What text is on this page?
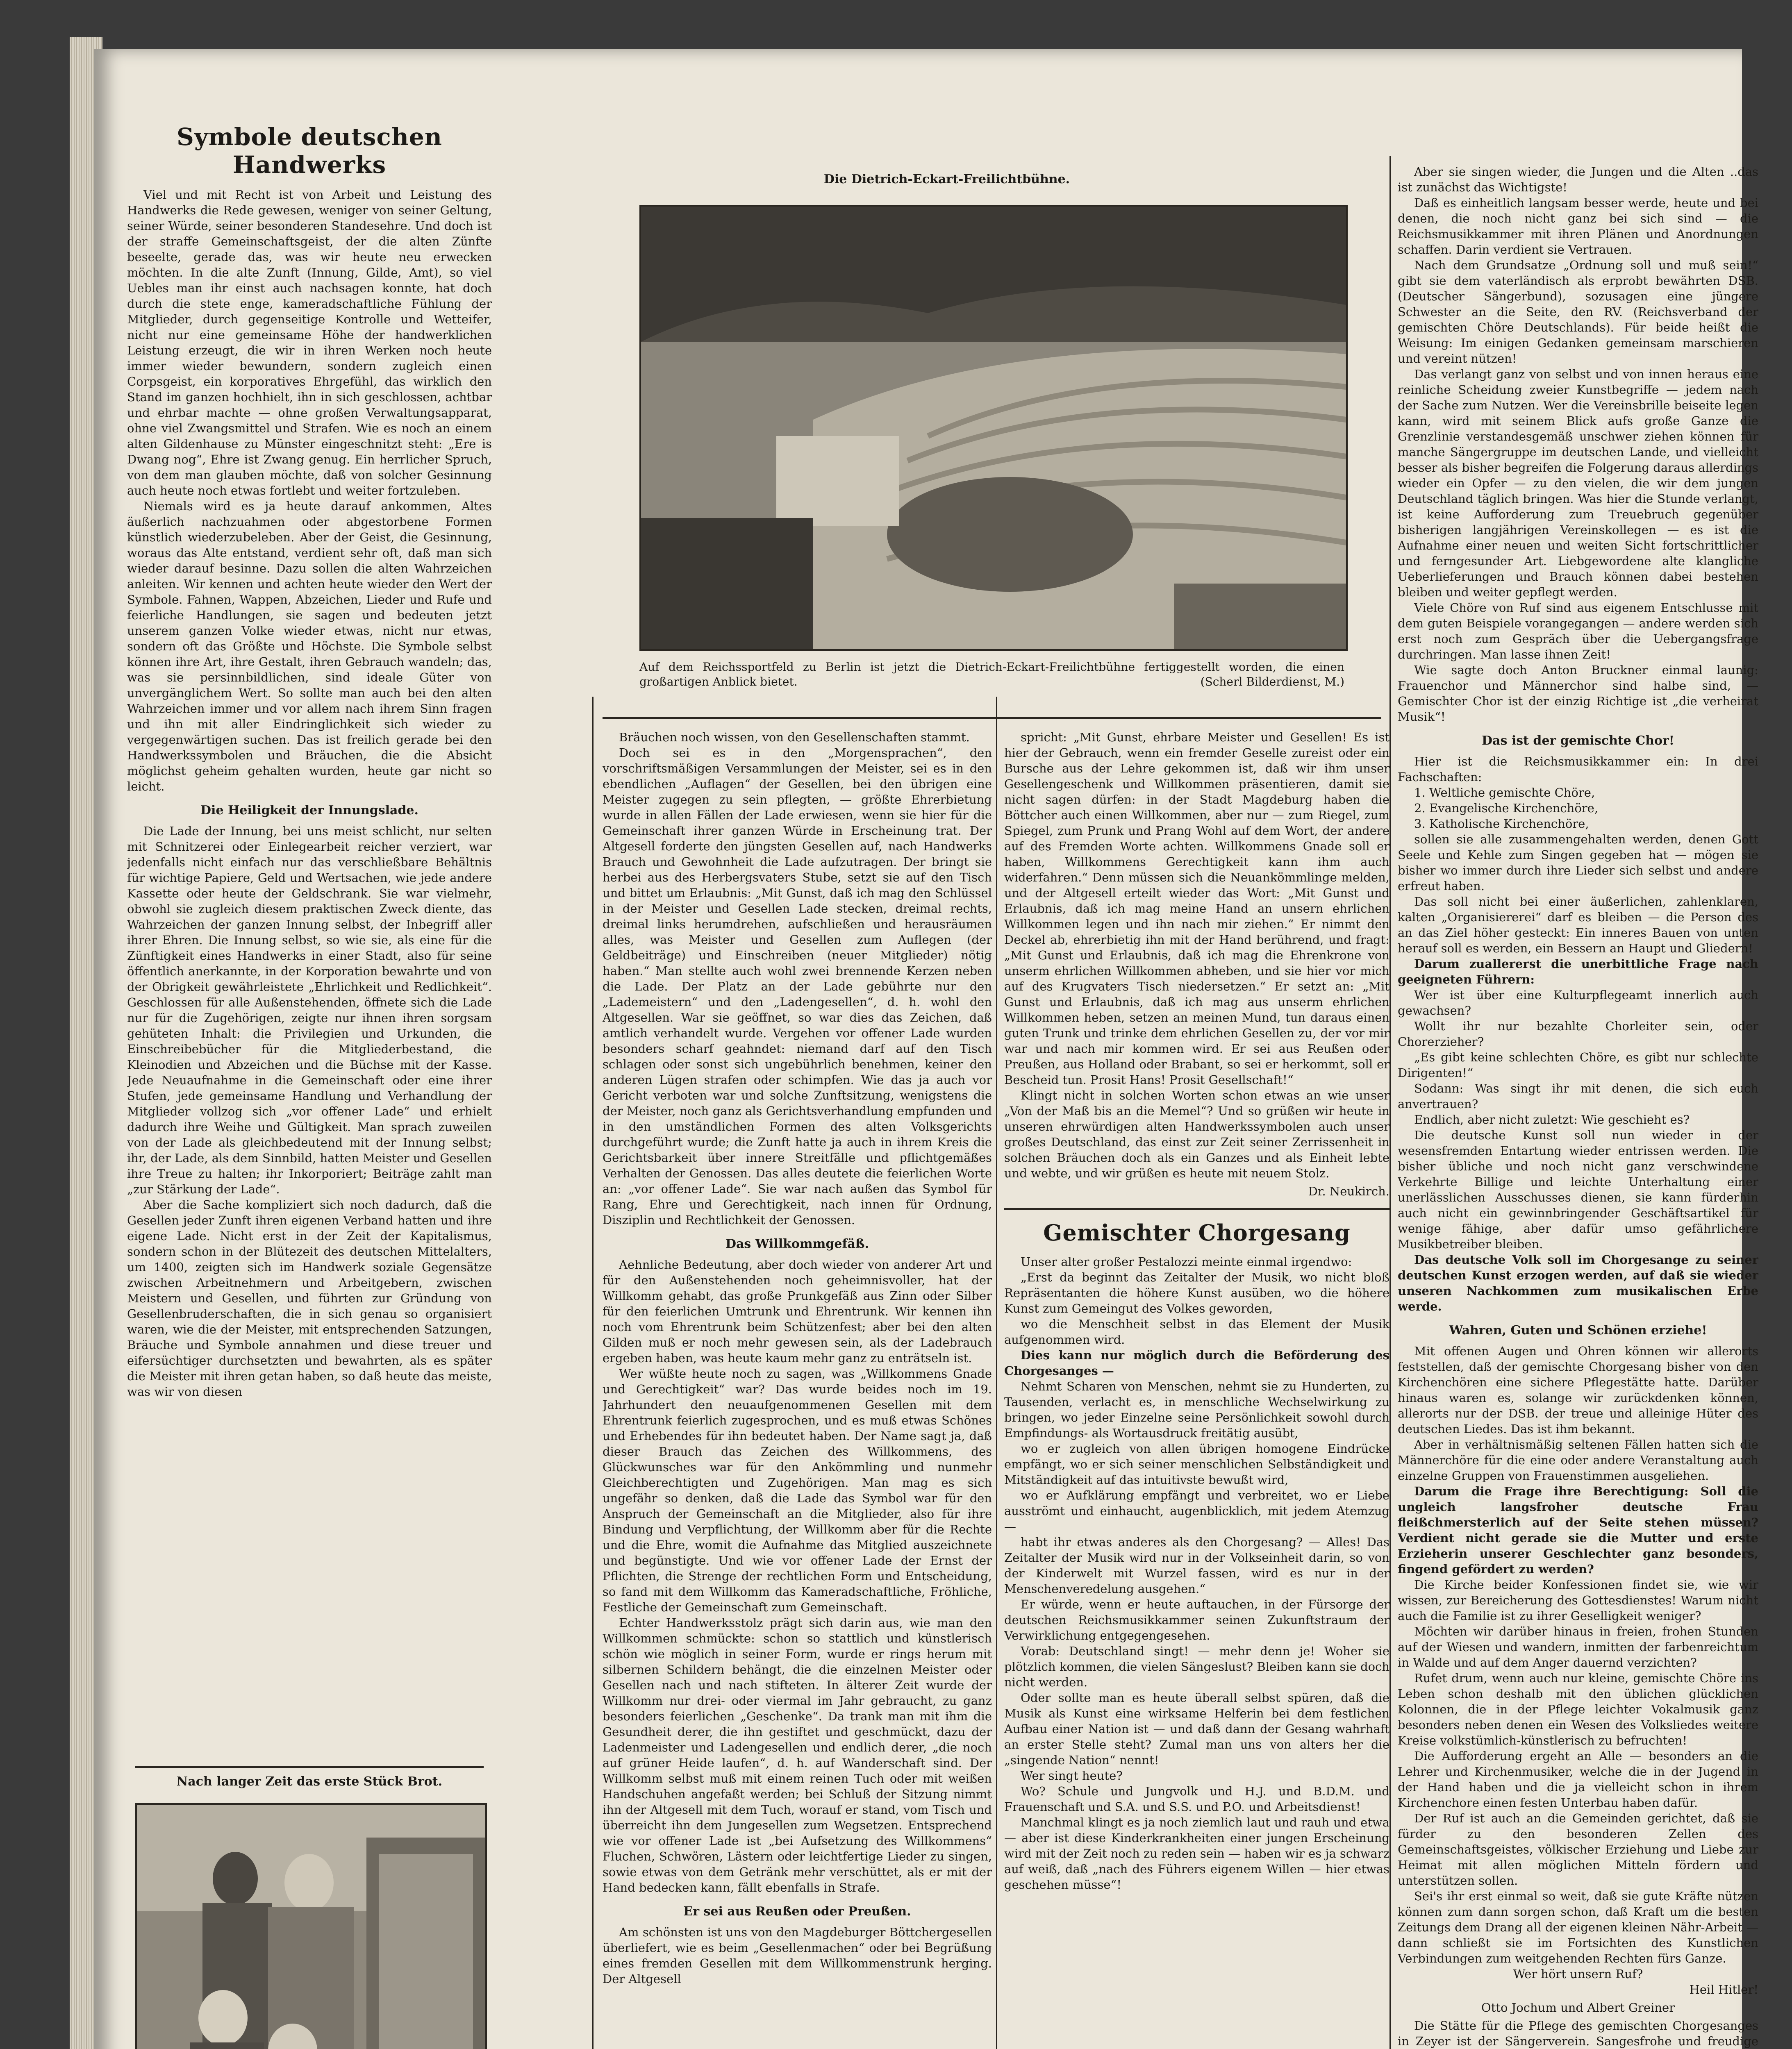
Symbole deutschen Handwerks

Viel und mit Recht ist von Arbeit und Leistung des Handwerks die Rede gewesen, weniger von seiner Geltung, seiner Würde, seiner besonderen Standesehre. Und doch ist der straffe Gemeinschaftsgeist, der die alten Zünfte beseelte, gerade das, was wir heute neu erwecken möchten. In die alte Zunft (Innung, Gilde, Amt), so viel Uebles man ihr einst auch nachsagen konnte, hat doch durch die stete enge, kameradschaftliche Fühlung der Mitglieder, durch gegenseitige Kontrolle und Wetteifer, nicht nur eine gemeinsame Höhe der handwerklichen Leistung erzeugt, die wir in ihren Werken noch heute immer wieder bewundern, sondern zugleich einen Corpsgeist, ein korporatives Ehrgefühl, das wirklich den Stand im ganzen hochhielt, ihn in sich geschlossen, achtbar und ehrbar machte — ohne großen Verwaltungsapparat, ohne viel Zwangsmittel und Strafen. Wie es noch an einem alten Gildenhause zu Münster eingeschnitzt steht: „Ere is Dwang nog“, Ehre ist Zwang genug. Ein herrlicher Spruch, von dem man glauben möchte, daß von solcher Gesinnung auch heute noch etwas fortlebt und weiter fortzuleben.

Niemals wird es ja heute darauf ankommen, Altes äußerlich nachzuahmen oder abgestorbene Formen künstlich wiederzubeleben. Aber der Geist, die Gesinnung, woraus das Alte entstand, verdient sehr oft, daß man sich wieder darauf besinne. Dazu sollen die alten Wahrzeichen anleiten. Wir kennen und achten heute wieder den Wert der Symbole. Fahnen, Wappen, Abzeichen, Lieder und Rufe und feierliche Handlungen, sie sagen und bedeuten jetzt unserem ganzen Volke wieder etwas, nicht nur etwas, sondern oft das Größte und Höchste. Die Symbole selbst können ihre Art, ihre Gestalt, ihren Gebrauch wandeln; das, was sie persinnbildlichen, sind ideale Güter von unvergänglichem Wert. So sollte man auch bei den alten Wahrzeichen immer und vor allem nach ihrem Sinn fragen und ihn mit aller Eindringlichkeit sich wieder zu vergegenwärtigen suchen. Das ist freilich gerade bei den Handwerkssymbolen und Bräuchen, die die Absicht möglichst geheim gehalten wurden, heute gar nicht so leicht.

Die Heiligkeit der Innungslade.

Die Lade der Innung, bei uns meist schlicht, nur selten mit Schnitzerei oder Einlegearbeit reicher verziert, war jedenfalls nicht einfach nur das verschließbare Behältnis für wichtige Papiere, Geld und Wertsachen, wie jede andere Kassette oder heute der Geldschrank. Sie war vielmehr, obwohl sie zugleich diesem praktischen Zweck diente, das Wahrzeichen der ganzen Innung selbst, der Inbegriff aller ihrer Ehren. Die Innung selbst, so wie sie, als eine für die Zünftigkeit eines Handwerks in einer Stadt, also für seine öffentlich anerkannte, in der Korporation bewahrte und von der Obrigkeit gewährleistete „Ehrlichkeit und Redlichkeit“. Geschlossen für alle Außenstehenden, öffnete sich die Lade nur für die Zugehörigen, zeigte nur ihnen ihren sorgsam gehüteten Inhalt: die Privilegien und Urkunden, die Einschreibebücher für die Mitgliederbestand, die Kleinodien und Abzeichen und die Büchse mit der Kasse. Jede Neuaufnahme in die Gemeinschaft oder eine ihrer Stufen, jede gemeinsame Handlung und Verhandlung der Mitglieder vollzog sich „vor offener Lade“ und erhielt dadurch ihre Weihe und Gültigkeit. Man sprach zuweilen von der Lade als gleichbedeutend mit der Innung selbst; ihr, der Lade, als dem Sinnbild, hatten Meister und Gesellen ihre Treue zu halten; ihr Inkorporiert; Beiträge zahlt man „zur Stärkung der Lade“.

Aber die Sache kompliziert sich noch dadurch, daß die Gesellen jeder Zunft ihren eigenen Verband hatten und ihre eigene Lade. Nicht erst in der Zeit der Kapitalismus, sondern schon in der Blütezeit des deutschen Mittelalters, um 1400, zeigten sich im Handwerk soziale Gegensätze zwischen Arbeitnehmern und Arbeitgebern, zwischen Meistern und Gesellen, und führten zur Gründung von Gesellenbruderschaften, die in sich genau so organisiert waren, wie die der Meister, mit entsprechenden Satzungen, Bräuche und Symbole annahmen und diese treuer und eifersüchtiger durchsetzten und bewahrten, als es später die Meister mit ihren getan haben, so daß heute das meiste, was wir von diesen

Nach langer Zeit das erste Stück Brot.
Die Dietrich-Eckart-Freilichtbühne.
Auf dem Reichssportfeld zu Berlin ist jetzt die Dietrich-Eckart-Freilichtbühne fertiggestellt worden, die einen großartigen Anblick bietet.	(Scherl Bilderdienst, M.)

Bräuchen noch wissen, von den Gesellenschaften stammt.

Doch sei es in den „Morgensprachen“, den vorschriftsmäßigen Versammlungen der Meister, sei es in den ebendlichen „Auflagen“ der Gesellen, bei den übrigen eine Meister zugegen zu sein pflegten, — größte Ehrerbietung wurde in allen Fällen der Lade erwiesen, wenn sie hier für die Gemeinschaft ihrer ganzen Würde in Erscheinung trat. Der Altgesell forderte den jüngsten Gesellen auf, nach Handwerks Brauch und Gewohnheit die Lade aufzutragen. Der bringt sie herbei aus des Herbergsvaters Stube, setzt sie auf den Tisch und bittet um Erlaubnis: „Mit Gunst, daß ich mag den Schlüssel in der Meister und Gesellen Lade stecken, dreimal rechts, dreimal links herumdrehen, aufschließen und herausräumen alles, was Meister und Gesellen zum Auflegen (der Geldbeiträge) und Einschreiben (neuer Mitglieder) nötig haben.“ Man stellte auch wohl zwei brennende Kerzen neben die Lade. Der Platz an der Lade gebührte nur den „Lademeistern“ und den „Ladengesellen“, d. h. wohl den Altgesellen. War sie geöffnet, so war dies das Zeichen, daß amtlich verhandelt wurde. Vergehen vor offener Lade wurden besonders scharf geahndet: niemand darf auf den Tisch schlagen oder sonst sich ungebührlich benehmen, keiner den anderen Lügen strafen oder schimpfen. Wie das ja auch vor Gericht verboten war und solche Zunftsitzung, wenigstens die der Meister, noch ganz als Gerichtsverhandlung empfunden und in den umständlichen Formen des alten Volksgerichts durchgeführt wurde; die Zunft hatte ja auch in ihrem Kreis die Gerichtsbarkeit über innere Streitfälle und pflichtgemäßes Verhalten der Genossen. Das alles deutete die feierlichen Worte an: „vor offener Lade“. Sie war nach außen das Symbol für Rang, Ehre und Gerechtigkeit, nach innen für Ordnung, Disziplin und Rechtlichkeit der Genossen.

Das Willkommgefäß.

Aehnliche Bedeutung, aber doch wieder von anderer Art und für den Außenstehenden noch geheimnisvoller, hat der Willkomm gehabt, das große Prunkgefäß aus Zinn oder Silber für den feierlichen Umtrunk und Ehrentrunk. Wir kennen ihn noch vom Ehrentrunk beim Schützenfest; aber bei den alten Gilden muß er noch mehr gewesen sein, als der Ladebrauch ergeben haben, was heute kaum mehr ganz zu enträtseln ist.

Wer wüßte heute noch zu sagen, was „Willkommens Gnade und Gerechtigkeit“ war? Das wurde beides noch im 19. Jahrhundert den neuaufgenommenen Gesellen mit dem Ehrentrunk feierlich zugesprochen, und es muß etwas Schönes und Erhebendes für ihn bedeutet haben. Der Name sagt ja, daß dieser Brauch das Zeichen des Willkommens, des Glückwunsches war für den Ankömmling und nunmehr Gleichberechtigten und Zugehörigen. Man mag es sich ungefähr so denken, daß die Lade das Symbol war für den Anspruch der Gemeinschaft an die Mitglieder, also für ihre Bindung und Verpflichtung, der Willkomm aber für die Rechte und die Ehre, womit die Aufnahme das Mitglied auszeichnete und begünstigte. Und wie vor offener Lade der Ernst der Pflichten, die Strenge der rechtlichen Form und Entscheidung, so fand mit dem Willkomm das Kameradschaftliche, Fröhliche, Festliche der Gemeinschaft zum Gemeinschaft.

Echter Handwerksstolz prägt sich darin aus, wie man den Willkommen schmückte: schon so stattlich und künstlerisch schön wie möglich in seiner Form, wurde er rings herum mit silbernen Schildern behängt, die die einzelnen Meister oder Gesellen nach und nach stifteten. In älterer Zeit wurde der Willkomm nur drei- oder viermal im Jahr gebraucht, zu ganz besonders feierlichen „Geschenke“. Da trank man mit ihm die Gesundheit derer, die ihn gestiftet und geschmückt, dazu der Ladenmeister und Ladengesellen und endlich derer, „die noch auf grüner Heide laufen“, d. h. auf Wanderschaft sind. Der Willkomm selbst muß mit einem reinen Tuch oder mit weißen Handschuhen angefaßt werden; bei Schluß der Sitzung nimmt ihn der Altgesell mit dem Tuch, worauf er stand, vom Tisch und überreicht ihn dem Jungesellen zum Wegsetzen. Entsprechend wie vor offener Lade ist „bei Aufsetzung des Willkommens“ Fluchen, Schwören, Lästern oder leichtfertige Lieder zu singen, sowie etwas von dem Getränk mehr verschüttet, als er mit der Hand bedecken kann, fällt ebenfalls in Strafe.

Er sei aus Reußen oder Preußen.

Am schönsten ist uns von den Magdeburger Böttchergesellen überliefert, wie es beim „Gesellenmachen“ oder bei Begrüßung eines fremden Gesellen mit dem Willkommenstrunk herging. Der Altgesell

spricht: „Mit Gunst, ehrbare Meister und Gesellen! Es ist hier der Gebrauch, wenn ein fremder Geselle zureist oder ein Bursche aus der Lehre gekommen ist, daß wir ihm unser Gesellengeschenk und Willkommen präsentieren, damit sie nicht sagen dürfen: in der Stadt Magdeburg haben die Böttcher auch einen Willkommen, aber nur — zum Riegel, zum Spiegel, zum Prunk und Prang Wohl auf dem Wort, der andere auf des Fremden Worte achten. Willkommens Gnade soll er haben, Willkommens Gerechtigkeit kann ihm auch widerfahren.“ Denn müssen sich die Neuankömmlinge melden, und der Altgesell erteilt wieder das Wort: „Mit Gunst und Erlaubnis, daß ich mag meine Hand an unsern ehrlichen Willkommen legen und ihn nach mir ziehen.“ Er nimmt den Deckel ab, ehrerbietig ihn mit der Hand berührend, und fragt: „Mit Gunst und Erlaubnis, daß ich mag die Ehrenkrone von unserm ehrlichen Willkommen abheben, und sie hier vor mich auf des Krugvaters Tisch niedersetzen.“ Er setzt an: „Mit Gunst und Erlaubnis, daß ich mag aus unserm ehrlichen Willkommen heben, setzen an meinen Mund, tun daraus einen guten Trunk und trinke dem ehrlichen Gesellen zu, der vor mir war und nach mir kommen wird. Er sei aus Reußen oder Preußen, aus Holland oder Brabant, so sei er herkommt, soll er Bescheid tun. Prosit Hans! Prosit Gesellschaft!“

Klingt nicht in solchen Worten schon etwas an wie unser „Von der Maß bis an die Memel“? Und so grüßen wir heute in unseren ehrwürdigen alten Handwerkssymbolen auch unser großes Deutschland, das einst zur Zeit seiner Zerrissenheit in solchen Bräuchen doch als ein Ganzes und als Einheit lebte und webte, und wir grüßen es heute mit neuem Stolz.

Dr. Neukirch.
Gemischter Chorgesang

Unser alter großer Pestalozzi meinte einmal irgendwo:

„Erst da beginnt das Zeitalter der Musik, wo nicht bloß Repräsentanten die höhere Kunst ausüben, wo die höhere Kunst zum Gemeingut des Volkes geworden,

wo die Menschheit selbst in das Element der Musik aufgenommen wird.

Dies kann nur möglich durch die Beförderung des Chorgesanges —

Nehmt Scharen von Menschen, nehmt sie zu Hunderten, zu Tausenden, verlacht es, in menschliche Wechselwirkung zu bringen, wo jeder Einzelne seine Persönlichkeit sowohl durch Empfindungs- als Wortausdruck freitätig ausübt,

wo er zugleich von allen übrigen homogene Eindrücke empfängt, wo er sich seiner menschlichen Selbständigkeit und Mitständigkeit auf das intuitivste bewußt wird,

wo er Aufklärung empfängt und verbreitet, wo er Liebe ausströmt und einhaucht, augenblicklich, mit jedem Atemzug —

habt ihr etwas anderes als den Chorgesang? — Alles! Das Zeitalter der Musik wird nur in der Volkseinheit darin, so von der Kinderwelt mit Wurzel fassen, wird es nur in der Menschenveredelung ausgehen.“

Er würde, wenn er heute auftauchen, in der Fürsorge der deutschen Reichsmusikkammer seinen Zukunftstraum der Verwirklichung entgegengesehen.

Vorab: Deutschland singt! — mehr denn je! Woher sie plötzlich kommen, die vielen Sängeslust? Bleiben kann sie doch nicht werden.

Oder sollte man es heute überall selbst spüren, daß die Musik als Kunst eine wirksame Helferin bei dem festlichen Aufbau einer Nation ist — und daß dann der Gesang wahrhaft an erster Stelle steht? Zumal man uns von alters her die „singende Nation“ nennt!

Wer singt heute?

Wo? Schule und Jungvolk und H.J. und B.D.M. und Frauenschaft und S.A. und S.S. und P.O. und Arbeitsdienst!

Manchmal klingt es ja noch ziemlich laut und rauh und etwa — aber ist diese Kinderkrankheiten einer jungen Erscheinung wird mit der Zeit noch zu reden sein — haben wir es ja schwarz auf weiß, daß „nach des Führers eigenem Willen — hier etwas geschehen müsse“!

Aber sie singen wieder, die Jungen und die Alten ..das ist zunächst das Wichtigste!

Daß es einheitlich langsam besser werde, heute und bei denen, die noch nicht ganz bei sich sind — die Reichsmusikkammer mit ihren Plänen und Anordnungen schaffen. Darin verdient sie Vertrauen.

Nach dem Grundsatze „Ordnung soll und muß sein!“ gibt sie dem vaterländisch als erprobt bewährten DSB. (Deutscher Sängerbund), sozusagen eine jüngere Schwester an die Seite, den RV. (Reichsverband der gemischten Chöre Deutschlands). Für beide heißt die Weisung: Im einigen Gedanken gemeinsam marschieren und vereint nützen!

Das verlangt ganz von selbst und von innen heraus eine reinliche Scheidung zweier Kunstbegriffe — jedem nach der Sache zum Nutzen. Wer die Vereinsbrille beiseite legen kann, wird mit seinem Blick aufs große Ganze die Grenzlinie verstandesgemäß unschwer ziehen können für manche Sängergruppe im deutschen Lande, und vielleicht besser als bisher begreifen die Folgerung daraus allerdings wieder ein Opfer — zu den vielen, die wir dem jungen Deutschland täglich bringen. Was hier die Stunde verlangt, ist keine Aufforderung zum Treuebruch gegenüber bisherigen langjährigen Vereinskollegen — es ist die Aufnahme einer neuen und weiten Sicht fortschrittlicher und ferngesunder Art. Liebgewordene alte klangliche Ueberlieferungen und Brauch können dabei bestehen bleiben und weiter gepflegt werden.

Viele Chöre von Ruf sind aus eigenem Entschlusse mit dem guten Beispiele vorangegangen — andere werden sich erst noch zum Gespräch über die Uebergangsfrage durchringen. Man lasse ihnen Zeit!

Wie sagte doch Anton Bruckner einmal launig: Frauenchor und Männerchor sind halbe sind, — Gemischter Chor ist der einzig Richtige ist „die verheirat Musik“!

Das ist der gemischte Chor!

Hier ist die Reichsmusikkammer ein: In drei Fachschaften:

1. Weltliche gemischte Chöre,

2. Evangelische Kirchenchöre,

3. Katholische Kirchenchöre,

sollen sie alle zusammengehalten werden, denen Gott Seele und Kehle zum Singen gegeben hat — mögen sie bisher wo immer durch ihre Lieder sich selbst und andere erfreut haben.

Das soll nicht bei einer äußerlichen, zahlenklaren, kalten „Organisiererei“ darf es bleiben — die Person des an das Ziel höher gesteckt: Ein inneres Bauen von unten herauf soll es werden, ein Bessern an Haupt und Gliedern!

Darum zuallererst die unerbittliche Frage nach geeigneten Führern:

Wer ist über eine Kulturpflegeamt innerlich auch gewachsen?

Wollt ihr nur bezahlte Chorleiter sein, oder Chorerzieher?

„Es gibt keine schlechten Chöre, es gibt nur schlechte Dirigenten!“

Sodann: Was singt ihr mit denen, die sich euch anvertrauen?

Endlich, aber nicht zuletzt: Wie geschieht es?

Die deutsche Kunst soll nun wieder in der wesensfremden Entartung wieder entrissen werden. Die bisher übliche und noch nicht ganz verschwindene Verkehrte Billige und leichte Unterhaltung einer unerlässlichen Ausschusses dienen, sie kann fürderhin auch nicht ein gewinnbringender Geschäftsartikel für wenige fähige, aber dafür umso gefährlichere Musikbetreiber bleiben.

Das deutsche Volk soll im Chorgesange zu seiner deutschen Kunst erzogen werden, auf daß sie wieder unseren Nachkommen zum musikalischen Erbe werde.

Wahren, Guten und Schönen erziehe!

Mit offenen Augen und Ohren können wir allerorts feststellen, daß der gemischte Chorgesang bisher von den Kirchenchören eine sichere Pflegestätte hatte. Darüber hinaus waren es, solange wir zurückdenken können, allerorts nur der DSB. der treue und alleinige Hüter des deutschen Liedes. Das ist ihm bekannt.

Aber in verhältnismäßig seltenen Fällen hatten sich die Männerchöre für die eine oder andere Veranstaltung auch einzelne Gruppen von Frauenstimmen ausgeliehen.

Darum die Frage ihre Berechtigung: Soll die ungleich langsfroher deutsche Frau fleißchmersterlich auf der Seite stehen müssen? Verdient nicht gerade sie die Mutter und erste Erzieherin unserer Geschlechter ganz besonders, fingend gefördert zu werden?

Die Kirche beider Konfessionen findet sie, wie wir wissen, zur Bereicherung des Gottesdienstes! Warum nicht auch die Familie ist zu ihrer Geselligkeit weniger?

Möchten wir darüber hinaus in freien, frohen Stunden auf der Wiesen und wandern, inmitten der farbenreichtum in Walde und auf dem Anger dauernd verzichten?

Rufet drum, wenn auch nur kleine, gemischte Chöre ins Leben schon deshalb mit den üblichen glücklichen Kolonnen, die in der Pflege leichter Vokalmusik ganz besonders neben denen ein Wesen des Volksliedes weitere Kreise volkstümlich-künstlerisch zu befruchten!

Die Aufforderung ergeht an Alle — besonders an die Lehrer und Kirchenmusiker, welche die in der Jugend in der Hand haben und die ja vielleicht schon in ihrem Kirchenchore einen festen Unterbau haben dafür.

Der Ruf ist auch an die Gemeinden gerichtet, daß sie fürder zu den besonderen Zellen des Gemeinschaftsgeistes, völkischer Erziehung und Liebe zur Heimat mit allen möglichen Mitteln fördern und unterstützen sollen.

Sei's ihr erst einmal so weit, daß sie gute Kräfte nützen können zum dann sorgen schon, daß Kraft um die besten Zeitungs dem Drang all der eigenen kleinen Nähr-Arbeit — dann schließt sie im Fortsichten des Kunstlichen Verbindungen zum weitgehenden Rechten fürs Ganze.

Wer hört unsern Ruf?

Heil Hitler!

Otto Jochum und Albert Greiner

Die Stätte für die Pflege des gemischten Chorgesanges in Zeyer ist der Sängerverein. Sangesfrohe und freudige
